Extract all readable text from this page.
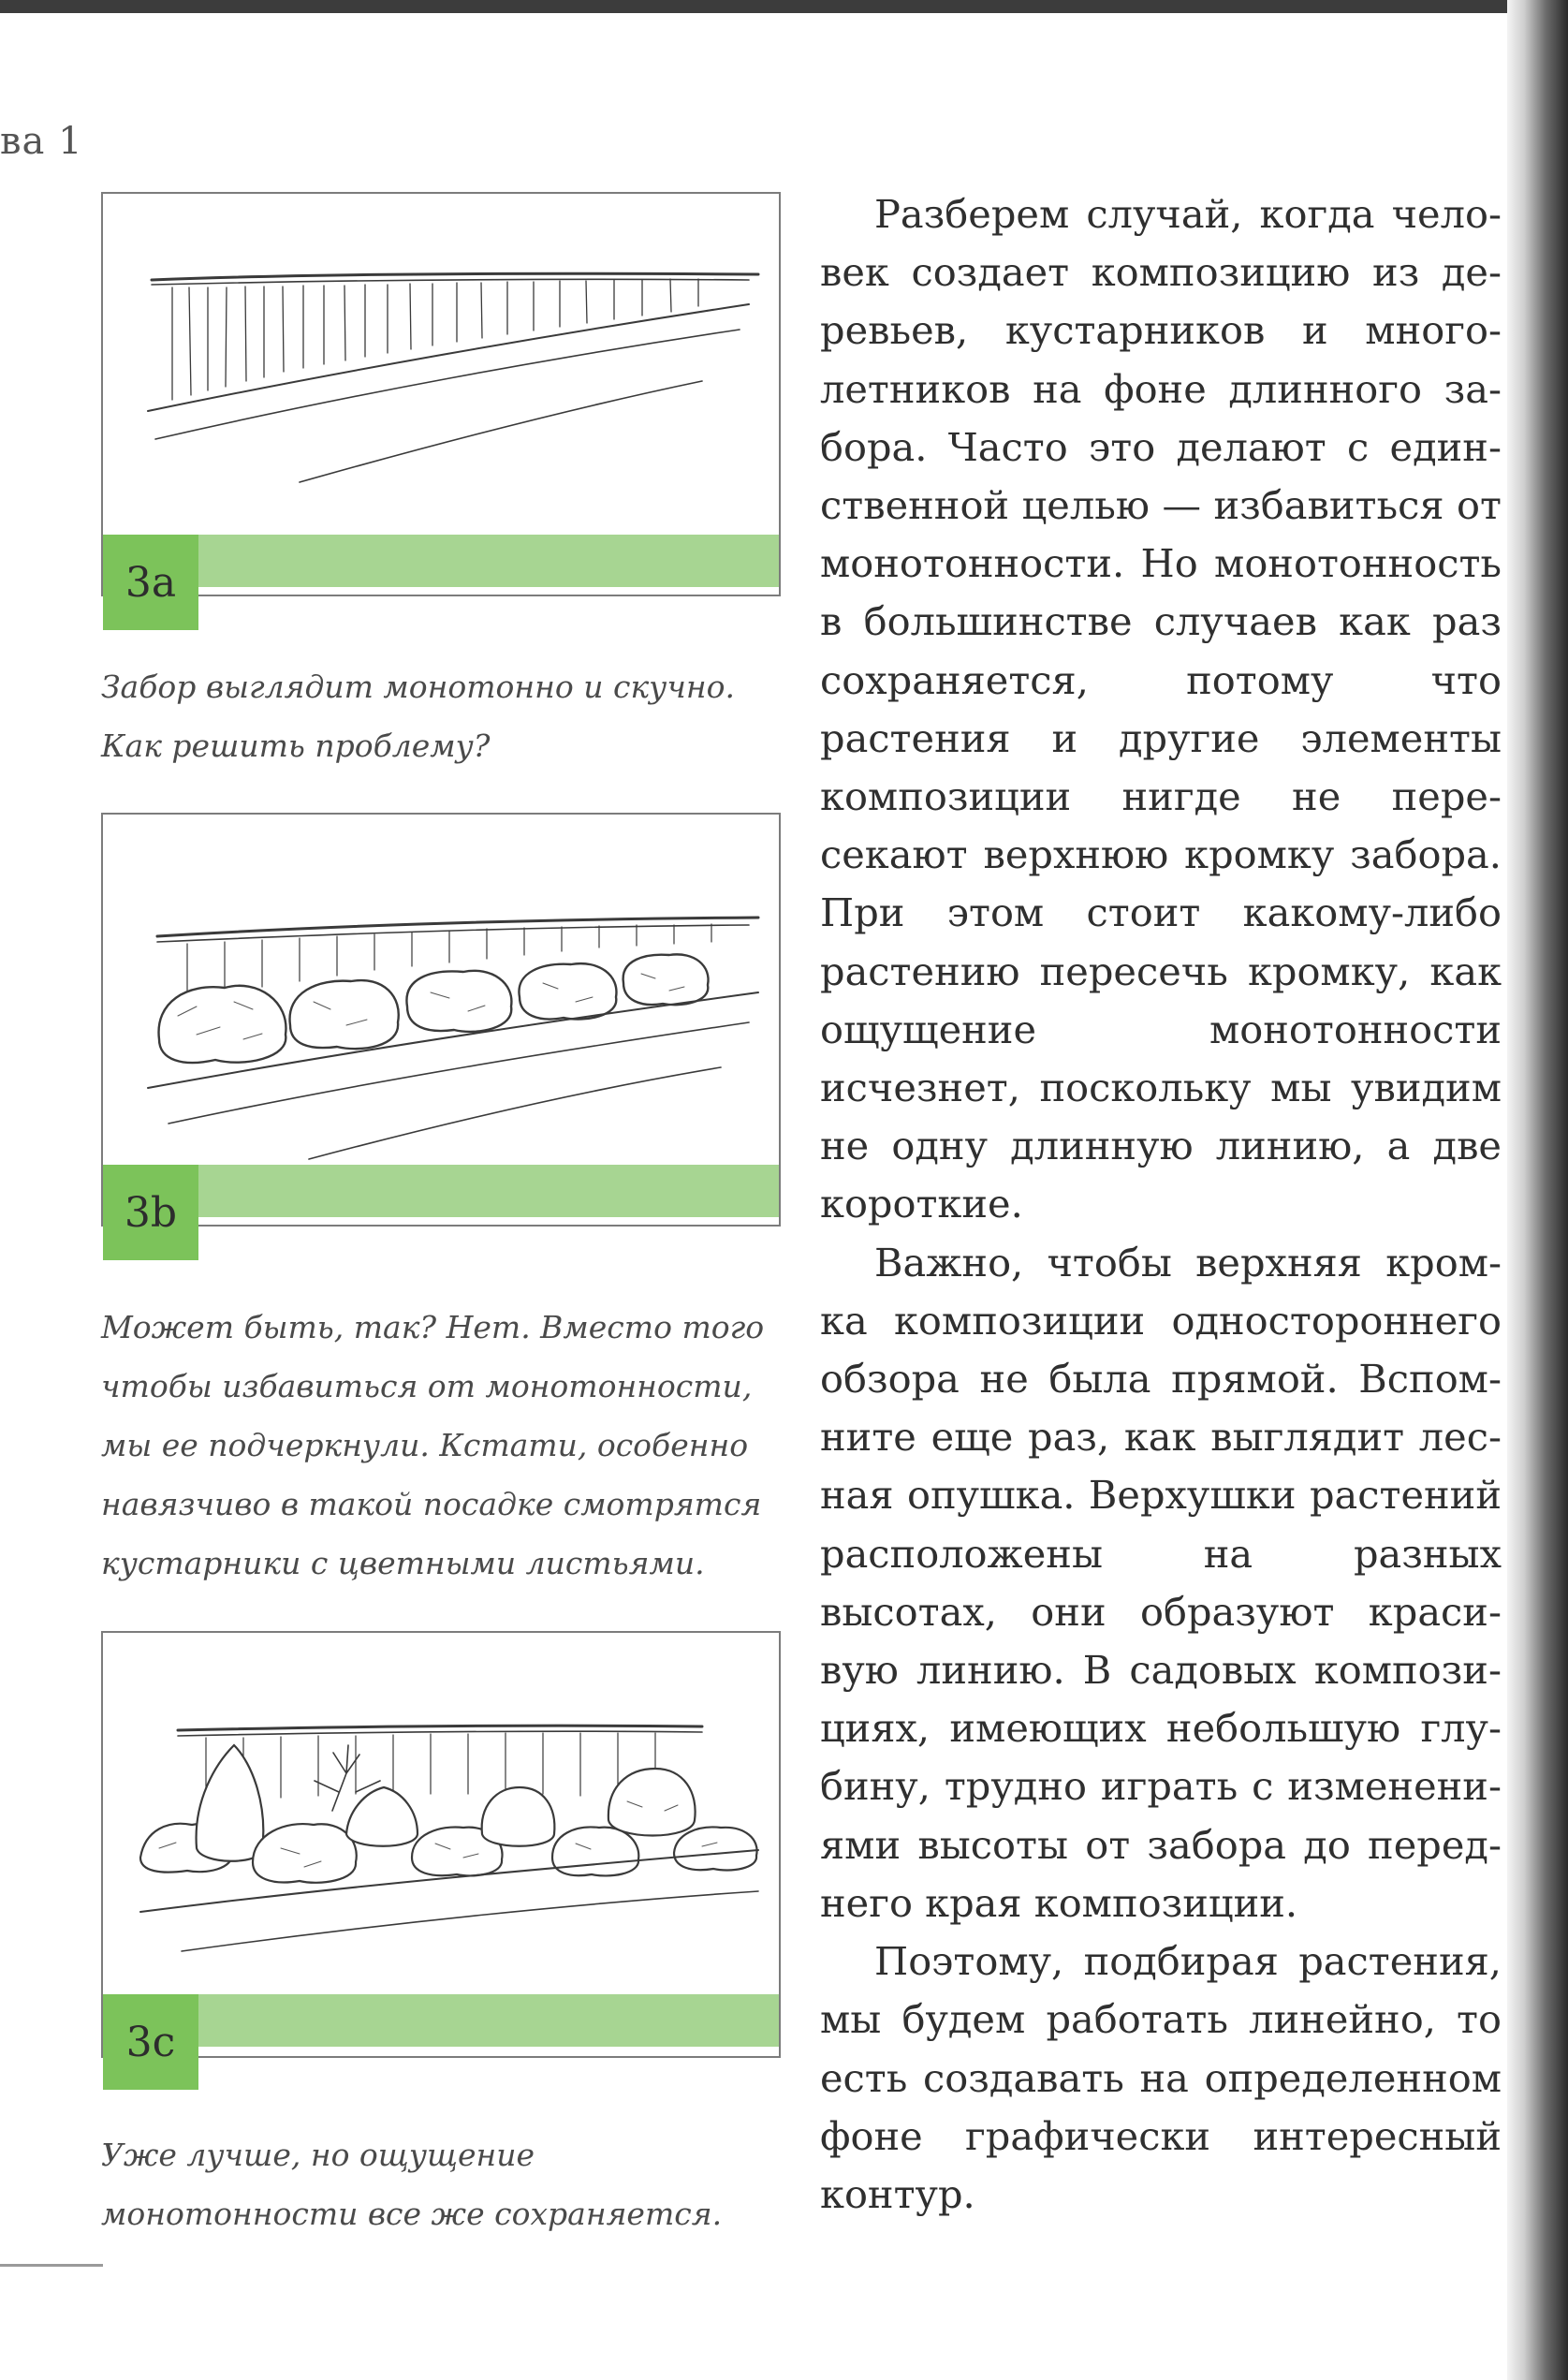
ва 1
3a

Забор выглядит монотонно и скучно. Как решить проблему?

3b

Может быть, так? Нет. Вместо того чтобы избавиться от монотонности, мы ее подчеркнули. Кстати, особенно навязчиво в такой посадке смотрятся кустарники с цветными листьями.

3c

Уже лучше, но ощущение монотонности все же сохраняется.

Разберем случай, когда человек создает композицию из деревьев, кустарников и многолетников на фоне длинного забора. Часто это делают с единственной целью — избавиться от монотонности. Но монотонность в большинстве случаев как раз сохраняется, потому что растения и другие элементы композиции нигде не пересекают верхнюю кромку забора. При этом стоит какому-либо растению пересечь кромку, как ощущение монотонности исчезнет, поскольку мы увидим не одну длинную линию, а две короткие.

Важно, чтобы верхняя кромка композиции одностороннего обзора не была прямой. Вспомните еще раз, как выглядит лесная опушка. Верхушки растений расположены на разных высотах, они образуют красивую линию. В садовых композициях, имеющих небольшую глубину, трудно играть с изменениями высоты от забора до переднего края композиции.

Поэтому, подбирая растения, мы будем работать линейно, то есть создавать на определенном фоне графически интересный контур.
